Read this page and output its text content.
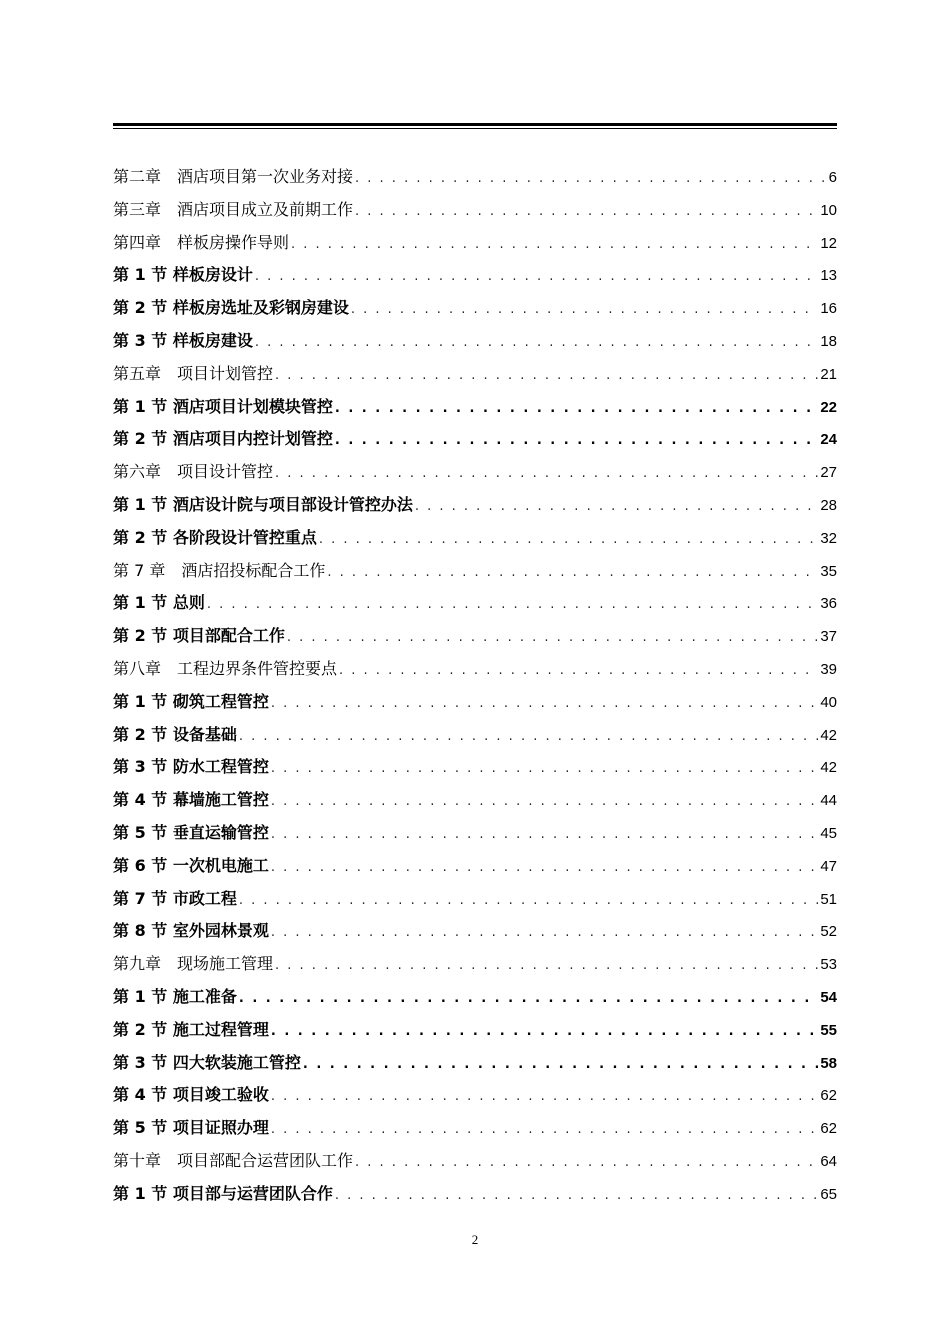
第二章　酒店项目第一次业务对接 . . .	6
第三章　酒店项目成立及前期工作 . . .	10
第四章　样板房操作导则 . . .	12
第 1 节 样板房设计 . . .	13
第 2 节 样板房选址及彩钢房建设 . . .	16
第 3 节 样板房建设 . . .	18
第五章　项目计划管控 . . .	21
第 1 节 酒店项目计划模块管控 . . .	22
第 2 节 酒店项目内控计划管控 . . .	24
第六章　项目设计管控 . . .	27
第 1 节 酒店设计院与项目部设计管控办法 . . .	28
第 2 节 各阶段设计管控重点 . . .	32
第 7 章　酒店招投标配合工作 . . .	35
第 1 节 总则 . . .	36
第 2 节 项目部配合工作 . . .	37
第八章　工程边界条件管控要点 . . .	39
第 1 节 砌筑工程管控 . . .	40
第 2 节 设备基础 . . .	42
第 3 节 防水工程管控 . . .	42
第 4 节 幕墙施工管控 . . .	44
第 5 节 垂直运输管控 . . .	45
第 6 节 一次机电施工 . . .	47
第 7 节 市政工程 . . .	51
第 8 节 室外园林景观 . . .	52
第九章　现场施工管理 . . .	53
第 1 节 施工准备 . . .	54
第 2 节 施工过程管理 . . .	55
第 3 节 四大软装施工管控 . . .	58
第 4 节 项目竣工验收 . . .	62
第 5 节 项目证照办理 . . .	62
第十章　项目部配合运营团队工作 . . .	64
第 1 节 项目部与运营团队合作 . . .	65
2
